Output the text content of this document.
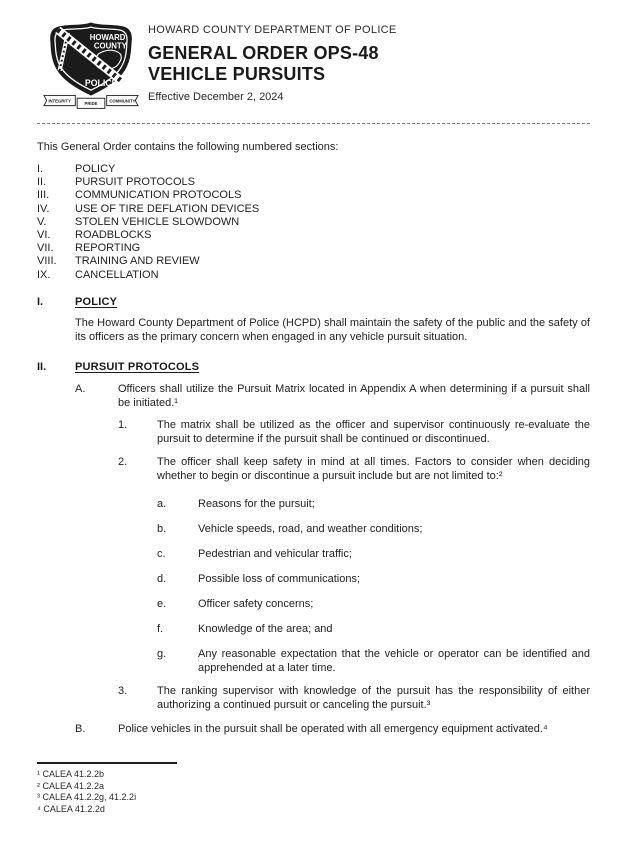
INTEGRITY
PRIDE
COMMUNITY
HOWARD
COUNTY
POLICE
HOWARD COUNTY DEPARTMENT OF POLICE
GENERAL ORDER OPS-48
VEHICLE PURSUITS
Effective December 2, 2024

This General Order contains the following numbered sections:

I.	POLICY
II.	PURSUIT PROTOCOLS
III.	COMMUNICATION PROTOCOLS
IV.	USE OF TIRE DEFLATION DEVICES
V.	STOLEN VEHICLE SLOWDOWN
VI.	ROADBLOCKS
VII.	REPORTING
VIII.	TRAINING AND REVIEW
IX.	CANCELLATION
I.	POLICY

The Howard County Department of Police (HCPD) shall maintain the safety of the public and the safety of its officers as the primary concern when engaged in any vehicle pursuit situation.

II.	PURSUIT PROTOCOLS
A.	Officers shall utilize the Pursuit Matrix located in Appendix A when determining if a pursuit shall be initiated.¹
1.	The matrix shall be utilized as the officer and supervisor continuously re-evaluate the pursuit to determine if the pursuit shall be continued or discontinued.
2.	The officer shall keep safety in mind at all times. Factors to consider when deciding whether to begin or discontinue a pursuit include but are not limited to:²
a.	Reasons for the pursuit;
b.	Vehicle speeds, road, and weather conditions;
c.	Pedestrian and vehicular traffic;
d.	Possible loss of communications;
e.	Officer safety concerns;
f.	Knowledge of the area; and
g.	Any reasonable expectation that the vehicle or operator can be identified and apprehended at a later time.
3.	The ranking supervisor with knowledge of the pursuit has the responsibility of either authorizing a continued pursuit or canceling the pursuit.³
B.	Police vehicles in the pursuit shall be operated with all emergency equipment activated.⁴
¹ CALEA 41.2.2b
² CALEA 41.2.2a
³ CALEA 41.2.2g, 41.2.2i
⁴ CALEA 41.2.2d
